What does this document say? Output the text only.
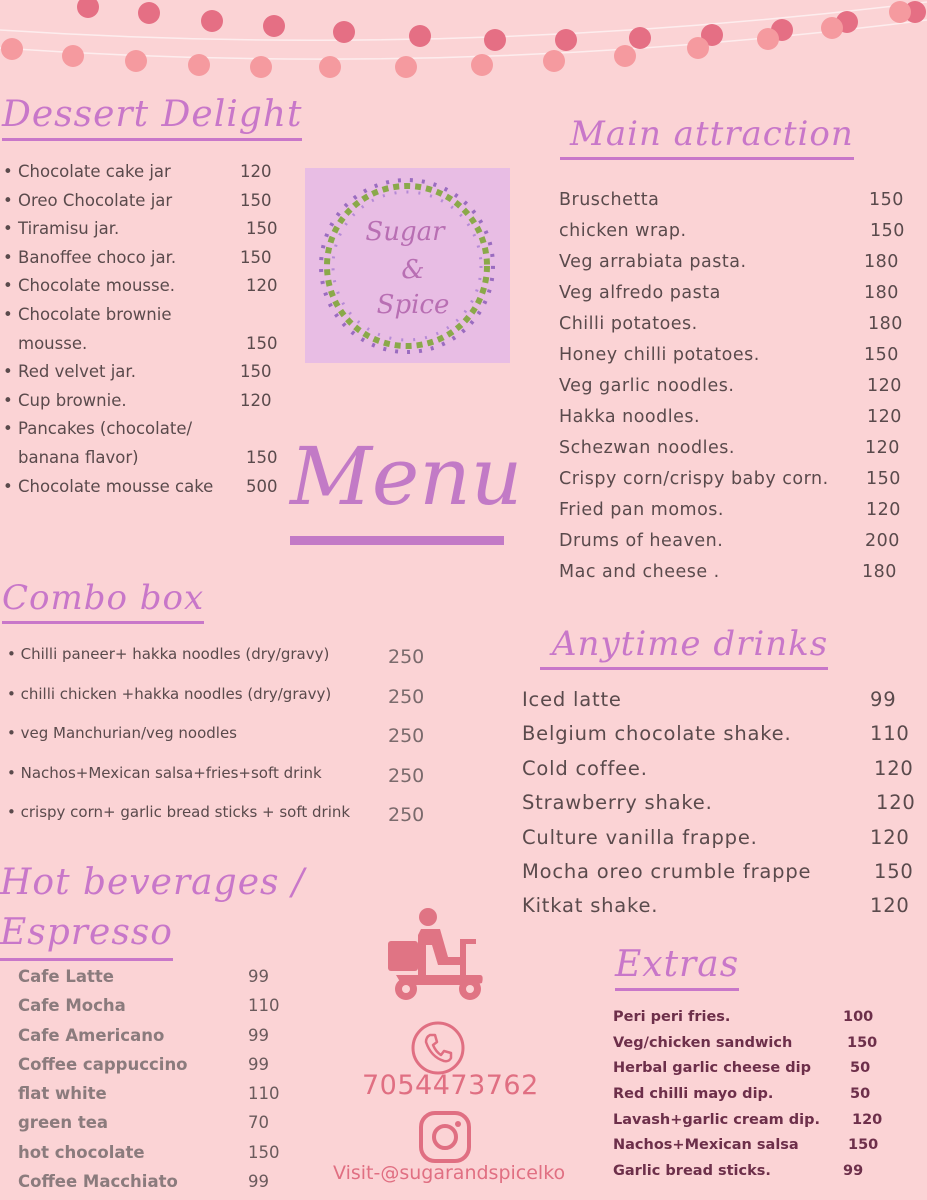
Dessert Delight
• Chocolate cake jar	120
• Oreo Chocolate jar	150
• Tiramisu jar.	150
• Banoffee choco jar.	150
• Chocolate mousse.	120
• Chocolate brownie
mousse.	150
• Red velvet jar.	150
• Cup brownie.	120
• Pancakes (chocolate/
banana flavor)	150
• Chocolate mousse cake 500
Sugar
&
Spice
Menu
Main attraction
Bruschetta	150
chicken wrap.	150
Veg arrabiata pasta.	180
Veg alfredo pasta	180
Chilli potatoes.	180
Honey chilli potatoes.	150
Veg garlic noodles.	120
Hakka noodles.	120
Schezwan noodles.	120
Crispy corn/crispy baby corn. 150
Fried pan momos.	120
Drums of heaven.	200
Mac and cheese .	180
Combo box
• Chilli paneer+ hakka noodles (dry/gravy)	250
• chilli chicken +hakka noodles (dry/gravy)	250
• veg Manchurian/veg noodles	250
• Nachos+Mexican salsa+fries+soft drink	250
• crispy corn+ garlic bread sticks + soft drink	250
Anytime drinks
Iced latte	99
Belgium chocolate shake.	110
Cold coffee.	120
Strawberry shake.	120
Culture vanilla frappe.	120
Mocha oreo crumble frappe	150
Kitkat shake.	120
Hot beverages /
Espresso
Cafe Latte	99
Cafe Mocha	110
Cafe Americano	99
Coffee cappuccino	99
flat white	110
green tea	70
hot chocolate	150
Coffee Macchiato	99
7054473762
Visit-@sugarandspicelko
Extras
Peri peri fries.	100
Veg/chicken sandwich	150
Herbal garlic cheese dip	50
Red chilli mayo dip.	50
Lavash+garlic cream dip. 120
Nachos+Mexican salsa	150
Garlic bread sticks.	99
